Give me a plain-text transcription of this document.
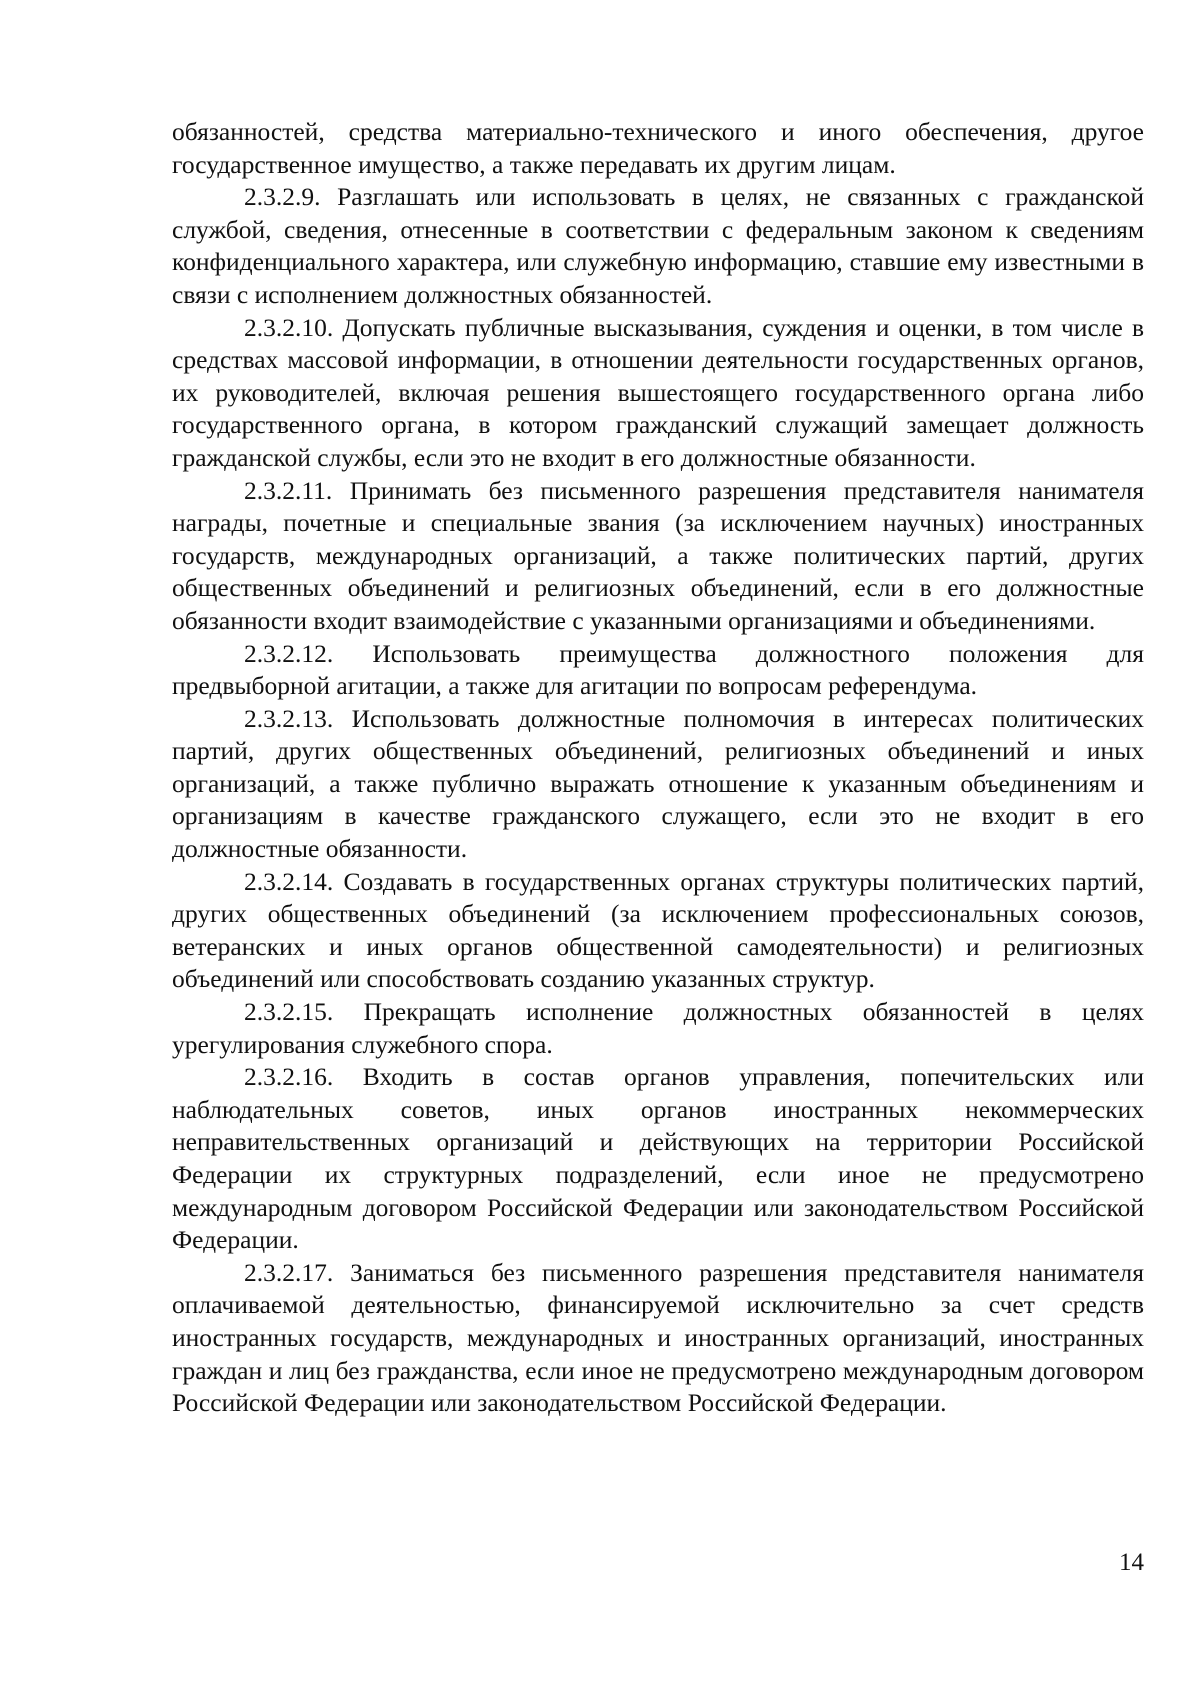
обязанностей, средства материально-технического и иного обеспечения, другое государственное имущество, а также передавать их другим лицам.

2.3.2.9. Разглашать или использовать в целях, не связанных с гражданской службой, сведения, отнесенные в соответствии с федеральным законом к сведениям конфиденциального характера, или служебную информацию, ставшие ему известными в связи с исполнением должностных обязанностей.

2.3.2.10. Допускать публичные высказывания, суждения и оценки, в том числе в средствах массовой информации, в отношении деятельности государственных органов, их руководителей, включая решения вышестоящего государственного органа либо государственного органа, в котором гражданский служащий замещает должность гражданской службы, если это не входит в его должностные обязанности.

2.3.2.11. Принимать без письменного разрешения представителя нанимателя награды, почетные и специальные звания (за исключением научных) иностранных государств, международных организаций, а также политических партий, других общественных объединений и религиозных объединений, если в его должностные обязанности входит взаимодействие с указанными организациями и объединениями.

2.3.2.12. Использовать преимущества должностного положения для предвыборной агитации, а также для агитации по вопросам референдума.

2.3.2.13. Использовать должностные полномочия в интересах политических партий, других общественных объединений, религиозных объединений и иных организаций, а также публично выражать отношение к указанным объединениям и организациям в качестве гражданского служащего, если это не входит в его должностные обязанности.

2.3.2.14. Создавать в государственных органах структуры политических партий, других общественных объединений (за исключением профессиональных союзов, ветеранских и иных органов общественной самодеятельности) и религиозных объединений или способствовать созданию указанных структур.

2.3.2.15. Прекращать исполнение должностных обязанностей в целях урегулирования служебного спора.

2.3.2.16. Входить в состав органов управления, попечительских или наблюдательных советов, иных органов иностранных некоммерческих неправительственных организаций и действующих на территории Российской Федерации их структурных подразделений, если иное не предусмотрено международным договором Российской Федерации или законодательством Российской Федерации.

2.3.2.17. Заниматься без письменного разрешения представителя нанимателя оплачиваемой деятельностью, финансируемой исключительно за счет средств иностранных государств, международных и иностранных организаций, иностранных граждан и лиц без гражданства, если иное не предусмотрено международным договором Российской Федерации или законодательством Российской Федерации.

14
